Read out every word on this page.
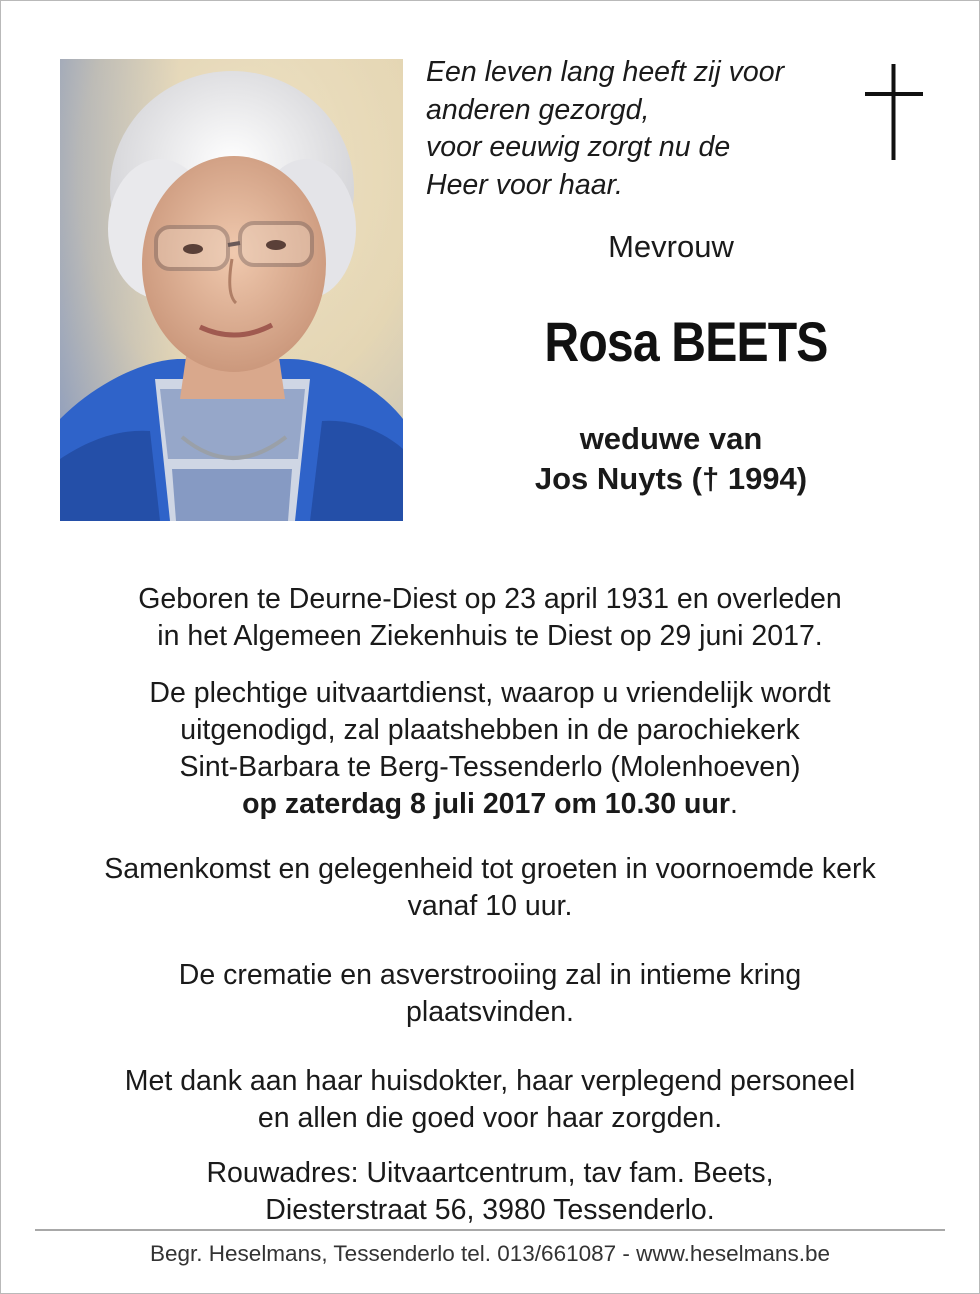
Een leven lang heeft zij voor
anderen gezorgd,
voor eeuwig zorgt nu de
Heer voor haar.
Mevrouw
Rosa BEETS
weduwe van
Jos Nuyts († 1994)
Geboren te Deurne-Diest op 23 april 1931 en overleden
in het Algemeen Ziekenhuis te Diest op 29 juni 2017.
De plechtige uitvaartdienst, waarop u vriendelijk wordt
uitgenodigd, zal plaatshebben in de parochiekerk
Sint-Barbara te Berg-Tessenderlo (Molenhoeven)
op zaterdag 8 juli 2017 om 10.30 uur.
Samenkomst en gelegenheid tot groeten in voornoemde kerk
vanaf 10 uur.
De crematie en asverstrooiing zal in intieme kring
plaatsvinden.
Met dank aan haar huisdokter, haar verplegend personeel
en allen die goed voor haar zorgden.
Rouwadres: Uitvaartcentrum, tav fam. Beets,
Diesterstraat 56, 3980 Tessenderlo.
Begr. Heselmans, Tessenderlo tel. 013/661087 - www.heselmans.be
